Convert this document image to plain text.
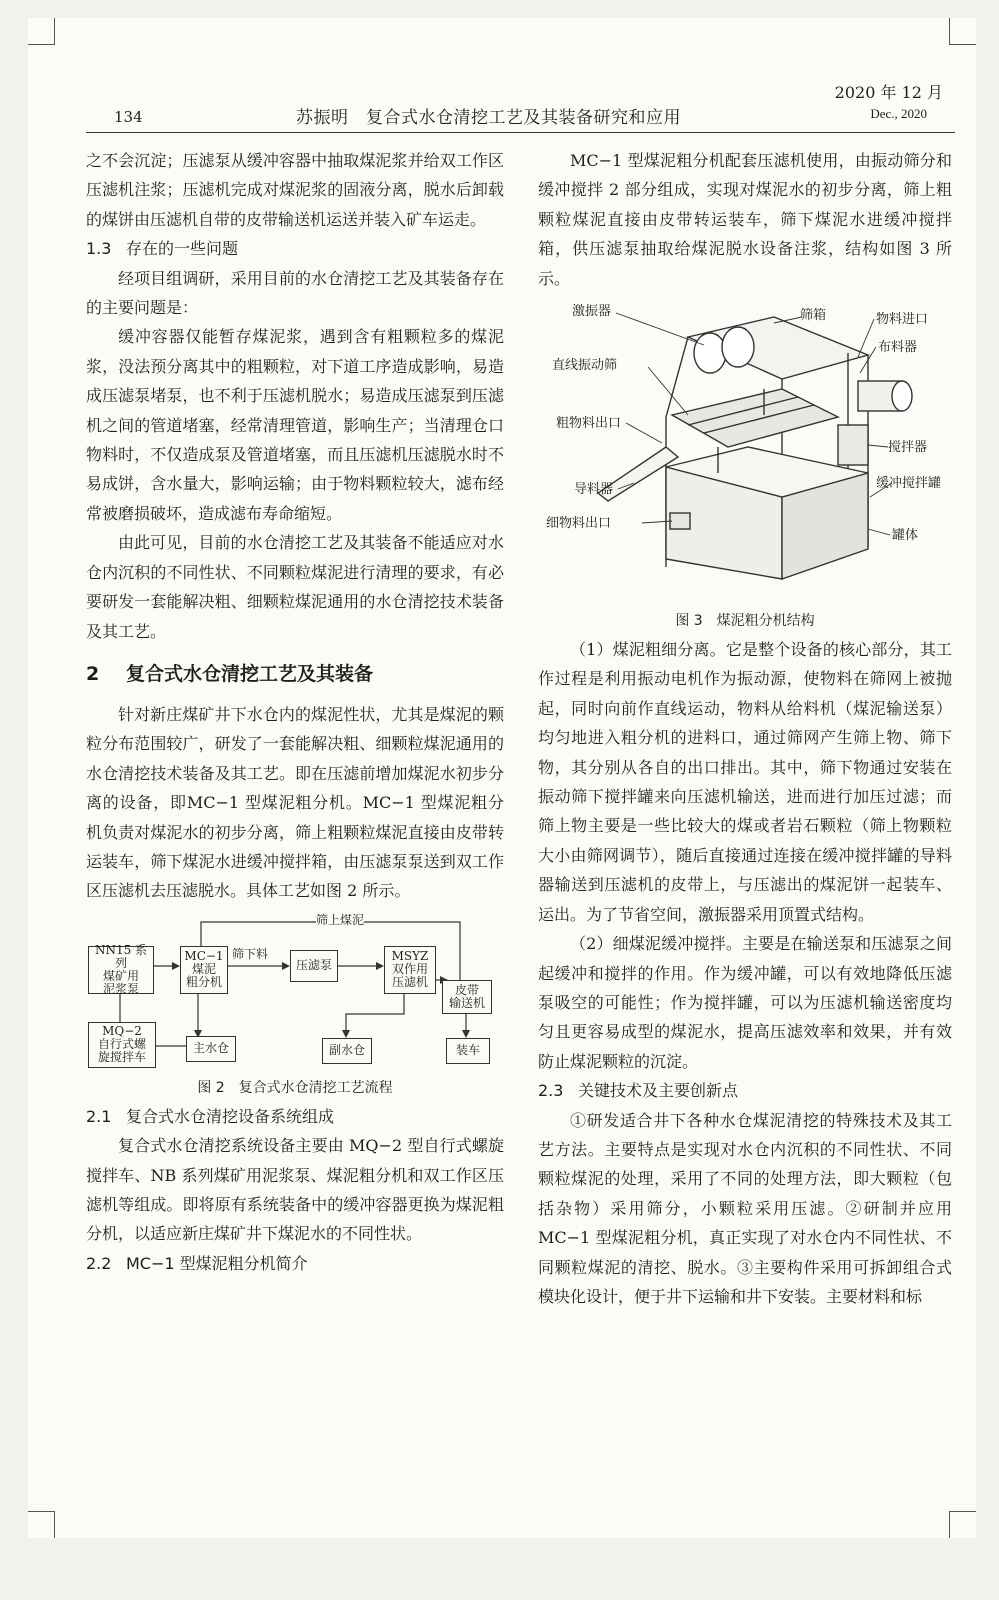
134	苏振明　复合式水仓清挖工艺及其装备研究和应用
2020 年 12 月
Dec., 2020

之不会沉淀；压滤泵从缓冲容器中抽取煤泥浆并给双工作区压滤机注浆；压滤机完成对煤泥浆的固液分离，脱水后卸载的煤饼由压滤机自带的皮带输送机运送并装入矿车运走。

1.3 存在的一些问题

经项目组调研，采用目前的水仓清挖工艺及其装备存在的主要问题是：

缓冲容器仅能暂存煤泥浆，遇到含有粗颗粒多的煤泥浆，没法预分离其中的粗颗粒，对下道工序造成影响，易造成压滤泵堵泵，也不利于压滤机脱水；易造成压滤泵到压滤机之间的管道堵塞，经常清理管道，影响生产；当清理仓口物料时，不仅造成泵及管道堵塞，而且压滤机压滤脱水时不易成饼，含水量大，影响运输；由于物料颗粒较大，滤布经常被磨损破坏，造成滤布寿命缩短。

由此可见，目前的水仓清挖工艺及其装备不能适应对水仓内沉积的不同性状、不同颗粒煤泥进行清理的要求，有必要研发一套能解决粗、细颗粒煤泥通用的水仓清挖技术装备及其工艺。

2 复合式水仓清挖工艺及其装备

针对新庄煤矿井下水仓内的煤泥性状，尤其是煤泥的颗粒分布范围较广，研发了一套能解决粗、细颗粒煤泥通用的水仓清挖技术装备及其工艺。即在压滤前增加煤泥水初步分离的设备，即MC−1 型煤泥粗分机。MC−1 型煤泥粗分机负责对煤泥水的初步分离，筛上粗颗粒煤泥直接由皮带转运装车，筛下煤泥水进缓冲搅拌箱，由压滤泵泵送到双工作区压滤机去压滤脱水。具体工艺如图 2 所示。

筛上煤泥
筛下料
NN15 系列
煤矿用
泥浆泵
MC−1
煤泥
粗分机
压滤泵
MSYZ
双作用
压滤机
皮带
输送机
MQ−2
自行式螺
旋搅拌车
主水仓	副水仓	装车
图 2 复合式水仓清挖工艺流程
2.1 复合式水仓清挖设备系统组成

复合式水仓清挖系统设备主要由 MQ−2 型自行式螺旋搅拌车、NB 系列煤矿用泥浆泵、煤泥粗分机和双工作区压滤机等组成。即将原有系统装备中的缓冲容器更换为煤泥粗分机，以适应新庄煤矿井下煤泥水的不同性状。

2.2 MC−1 型煤泥粗分机简介

MC−1 型煤泥粗分机配套压滤机使用，由振动筛分和缓冲搅拌 2 部分组成，实现对煤泥水的初步分离，筛上粗颗粒煤泥直接由皮带转运装车，筛下煤泥水进缓冲搅拌箱，供压滤泵抽取给煤泥脱水设备注浆，结构如图 3 所示。

激振器	筛箱	物料进口
布料器
直线振动筛
粗物料出口
搅拌器
导料器	缓冲搅拌罐
细物料出口
罐体
图 3 煤泥粗分机结构

（1）煤泥粗细分离。它是整个设备的核心部分，其工作过程是利用振动电机作为振动源，使物料在筛网上被抛起，同时向前作直线运动，物料从给料机（煤泥输送泵）均匀地进入粗分机的进料口，通过筛网产生筛上物、筛下物，其分别从各自的出口排出。其中，筛下物通过安装在振动筛下搅拌罐来向压滤机输送，进而进行加压过滤；而筛上物主要是一些比较大的煤或者岩石颗粒（筛上物颗粒大小由筛网调节），随后直接通过连接在缓冲搅拌罐的导料器输送到压滤机的皮带上，与压滤出的煤泥饼一起装车、运出。为了节省空间，激振器采用顶置式结构。

（2）细煤泥缓冲搅拌。主要是在输送泵和压滤泵之间起缓冲和搅拌的作用。作为缓冲罐，可以有效地降低压滤泵吸空的可能性；作为搅拌罐，可以为压滤机输送密度均匀且更容易成型的煤泥水，提高压滤效率和效果，并有效防止煤泥颗粒的沉淀。

2.3 关键技术及主要创新点

①研发适合井下各种水仓煤泥清挖的特殊技术及其工艺方法。主要特点是实现对水仓内沉积的不同性状、不同颗粒煤泥的处理，采用了不同的处理方法，即大颗粒（包括杂物）采用筛分，小颗粒采用压滤。②研制并应用 MC−1 型煤泥粗分机，真正实现了对水仓内不同性状、不同颗粒煤泥的清挖、脱水。③主要构件采用可拆卸组合式模块化设计，便于井下运输和井下安装。主要材料和标
